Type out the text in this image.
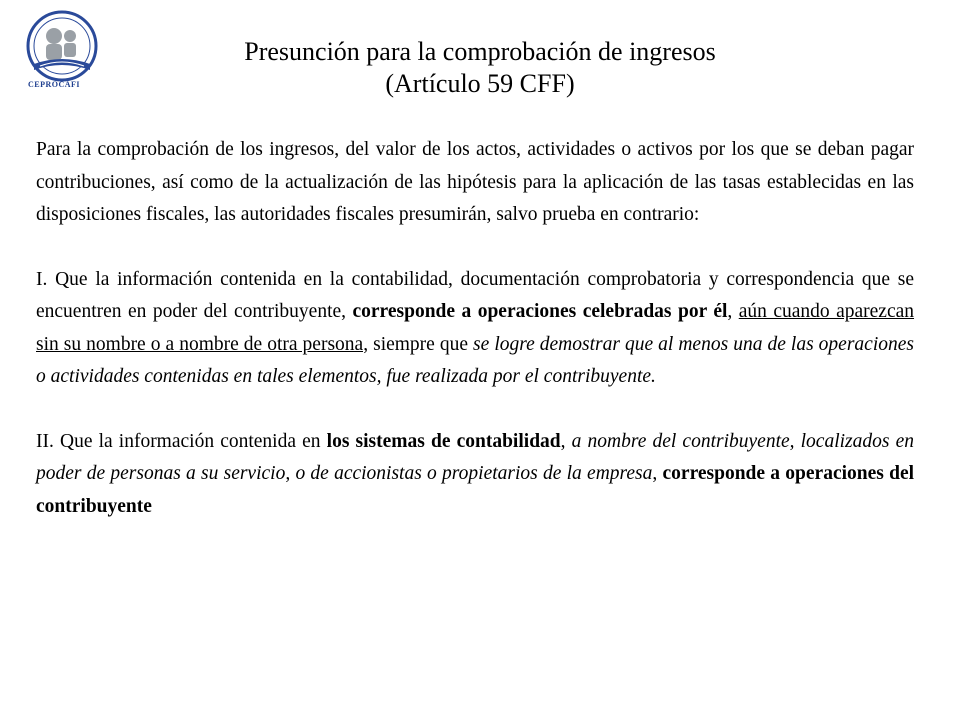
CEPROCAFI
Presunción para la comprobación de ingresos
(Artículo 59 CFF)

Para la comprobación de los ingresos, del valor de los actos, actividades o activos por los que se deban pagar contribuciones, así como de la actualización de las hipótesis para la aplicación de las tasas establecidas en las disposiciones fiscales, las autoridades fiscales presumirán, salvo prueba en contrario:

I. Que la información contenida en la contabilidad, documentación comprobatoria y correspondencia que se encuentren en poder del contribuyente, corresponde a operaciones celebradas por él, aún cuando aparezcan sin su nombre o a nombre de otra persona, siempre que se logre demostrar que al menos una de las operaciones o actividades contenidas en tales elementos, fue realizada por el contribuyente.

II. Que la información contenida en los sistemas de contabilidad, a nombre del contribuyente, localizados en poder de personas a su servicio, o de accionistas o propietarios de la empresa, corresponde a operaciones del contribuyente
